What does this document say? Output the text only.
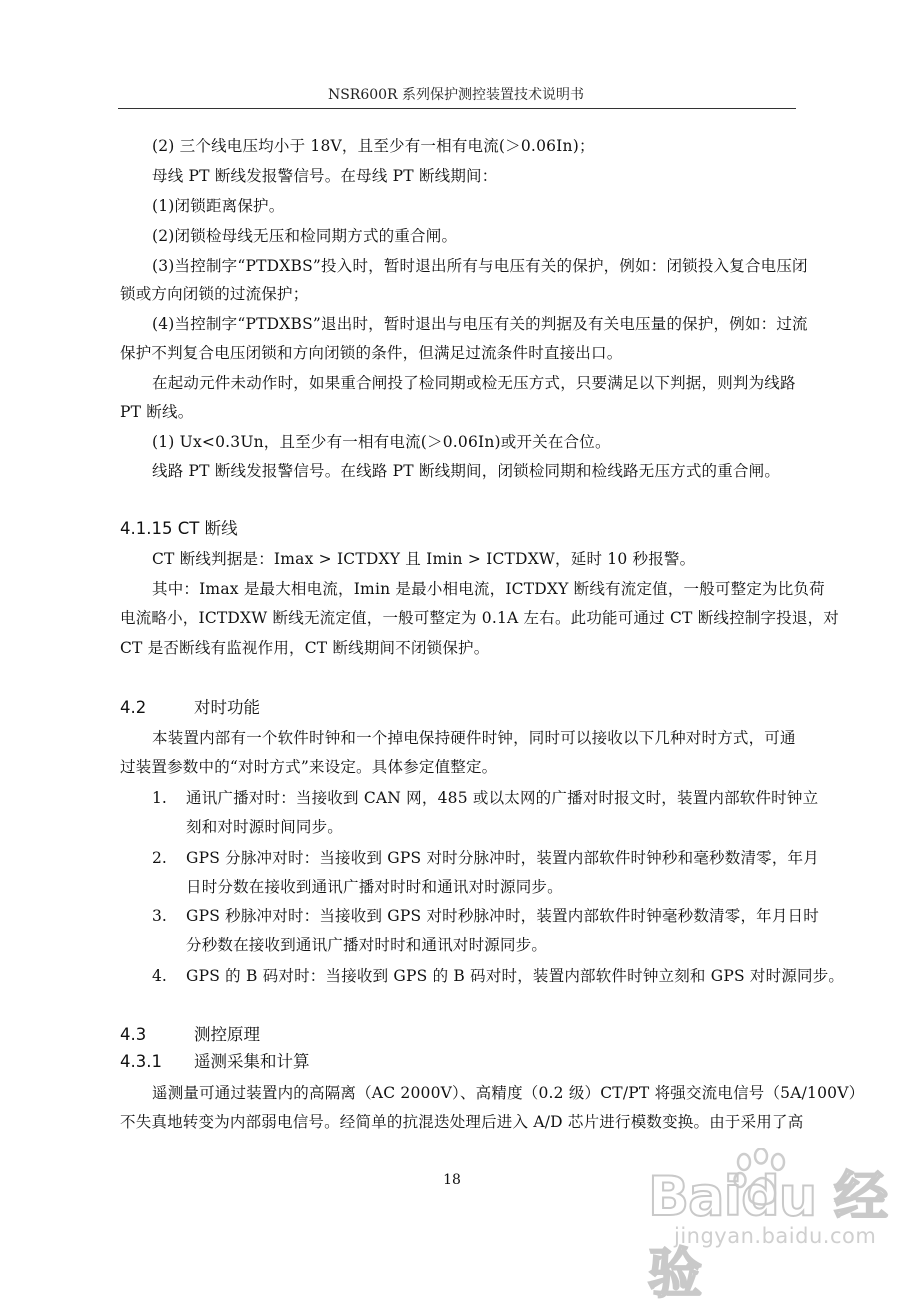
NSR600R 系列保护测控装置技术说明书
(2) 三个线电压均小于 18V，且至少有一相有电流(＞0.06In)；
母线 PT 断线发报警信号。在母线 PT 断线期间：
(1)闭锁距离保护。
(2)闭锁检母线无压和检同期方式的重合闸。
(3)当控制字“PTDXBS”投入时，暂时退出所有与电压有关的保护，例如：闭锁投入复合电压闭
锁或方向闭锁的过流保护；
(4)当控制字“PTDXBS”退出时，暂时退出与电压有关的判据及有关电压量的保护，例如：过流
保护不判复合电压闭锁和方向闭锁的条件，但满足过流条件时直接出口。
在起动元件未动作时，如果重合闸投了检同期或检无压方式，只要满足以下判据，则判为线路
PT 断线。
(1) Ux<0.3Un，且至少有一相有电流(＞0.06In)或开关在合位。
线路 PT 断线发报警信号。在线路 PT 断线期间，闭锁检同期和检线路无压方式的重合闸。
4.1.15 CT 断线
CT 断线判据是：Imax > ICTDXY 且 Imin > ICTDXW，延时 10 秒报警。
其中：Imax 是最大相电流，Imin 是最小相电流，ICTDXY 断线有流定值，一般可整定为比负荷
电流略小，ICTDXW 断线无流定值，一般可整定为 0.1A 左右。此功能可通过 CT 断线控制字投退，对
CT 是否断线有监视作用，CT 断线期间不闭锁保护。
4.2	对时功能
本装置内部有一个软件时钟和一个掉电保持硬件时钟，同时可以接收以下几种对时方式，可通
过装置参数中的“对时方式”来设定。具体参定值整定。
1. 通讯广播对时：当接收到 CAN 网，485 或以太网的广播对时报文时，装置内部软件时钟立
刻和对时源时间同步。
2. GPS 分脉冲对时：当接收到 GPS 对时分脉冲时，装置内部软件时钟秒和毫秒数清零，年月
日时分数在接收到通讯广播对时时和通讯对时源同步。
3. GPS 秒脉冲对时：当接收到 GPS 对时秒脉冲时，装置内部软件时钟毫秒数清零，年月日时
分秒数在接收到通讯广播对时时和通讯对时源同步。
4. GPS 的 B 码对时：当接收到 GPS 的 B 码对时，装置内部软件时钟立刻和 GPS 对时源同步。
4.3	测控原理
4.3.1 遥测采集和计算
遥测量可通过装置内的高隔离（AC 2000V）、高精度（0.2 级）CT/PT 将强交流电信号（5A/100V）
不失真地转变为内部弱电信号。经简单的抗混迭处理后进入 A/D 芯片进行模数变换。由于采用了高
18	Baidu 经验
jingyan.baidu.com
